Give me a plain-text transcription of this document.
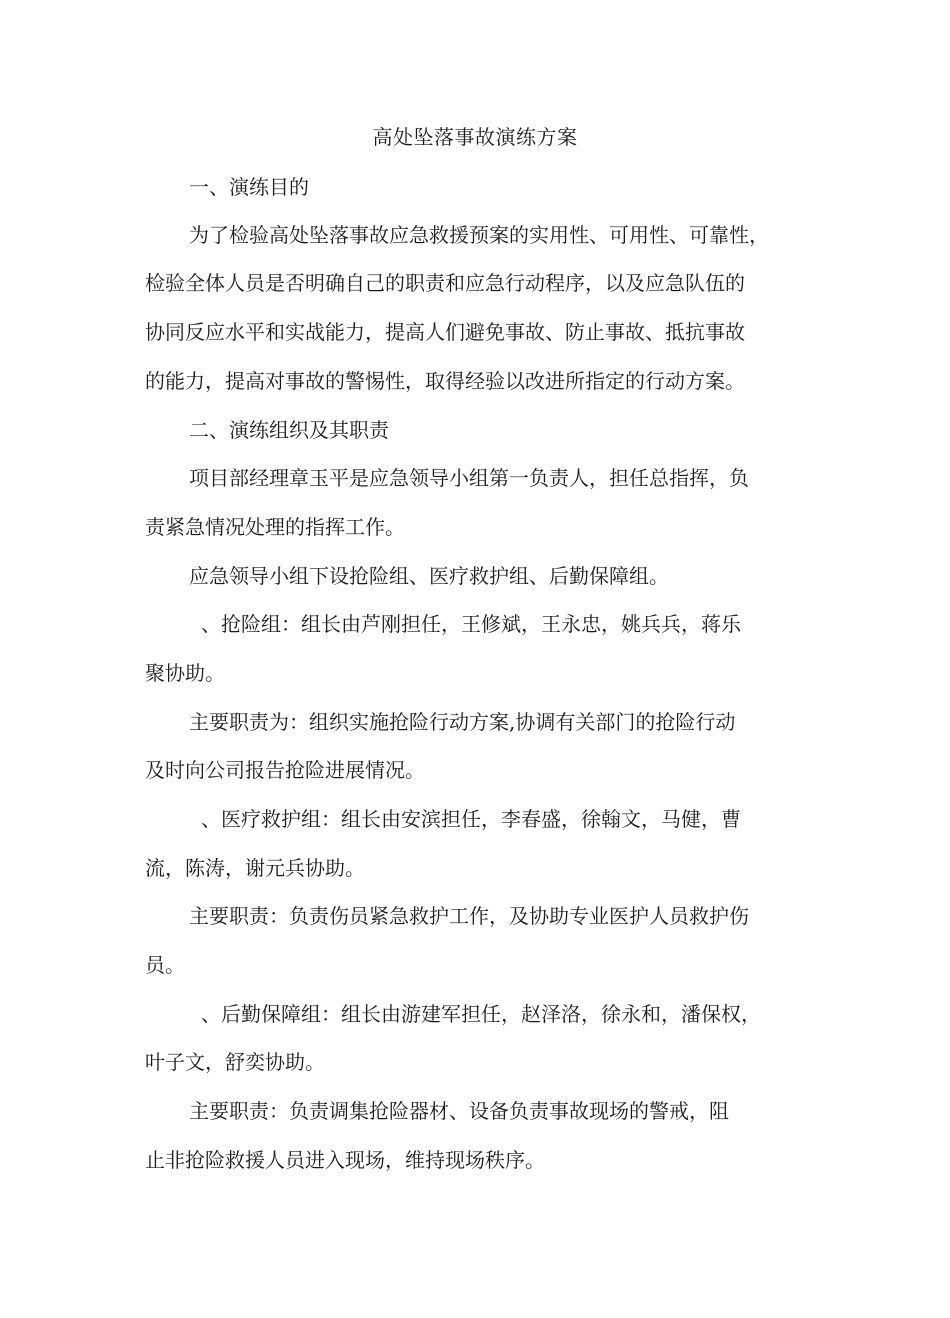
高处坠落事故演练方案
一、演练目的
为了检验高处坠落事故应急救援预案的实用性、可用性、可靠性，
检验全体人员是否明确自己的职责和应急行动程序，以及应急队伍的
协同反应水平和实战能力，提高人们避免事故、防止事故、抵抗事故
的能力，提高对事故的警惕性，取得经验以改进所指定的行动方案。
二、演练组织及其职责
项目部经理章玉平是应急领导小组第一负责人，担任总指挥，负
责紧急情况处理的指挥工作。
应急领导小组下设抢险组、医疗救护组、后勤保障组。
、抢险组：组长由芦刚担任，王修斌，王永忠，姚兵兵，蒋乐
聚协助。
主要职责为：组织实施抢险行动方案,协调有关部门的抢险行动
及时向公司报告抢险进展情况。
、医疗救护组：组长由安滨担任，李春盛，徐翰文，马健，曹
流，陈涛，谢元兵协助。
主要职责：负责伤员紧急救护工作，及协助专业医护人员救护伤
员。
、后勤保障组：组长由游建军担任，赵泽洛，徐永和，潘保权，
叶子文，舒奕协助。
主要职责：负责调集抢险器材、设备负责事故现场的警戒，阻
止非抢险救援人员进入现场，维持现场秩序。
